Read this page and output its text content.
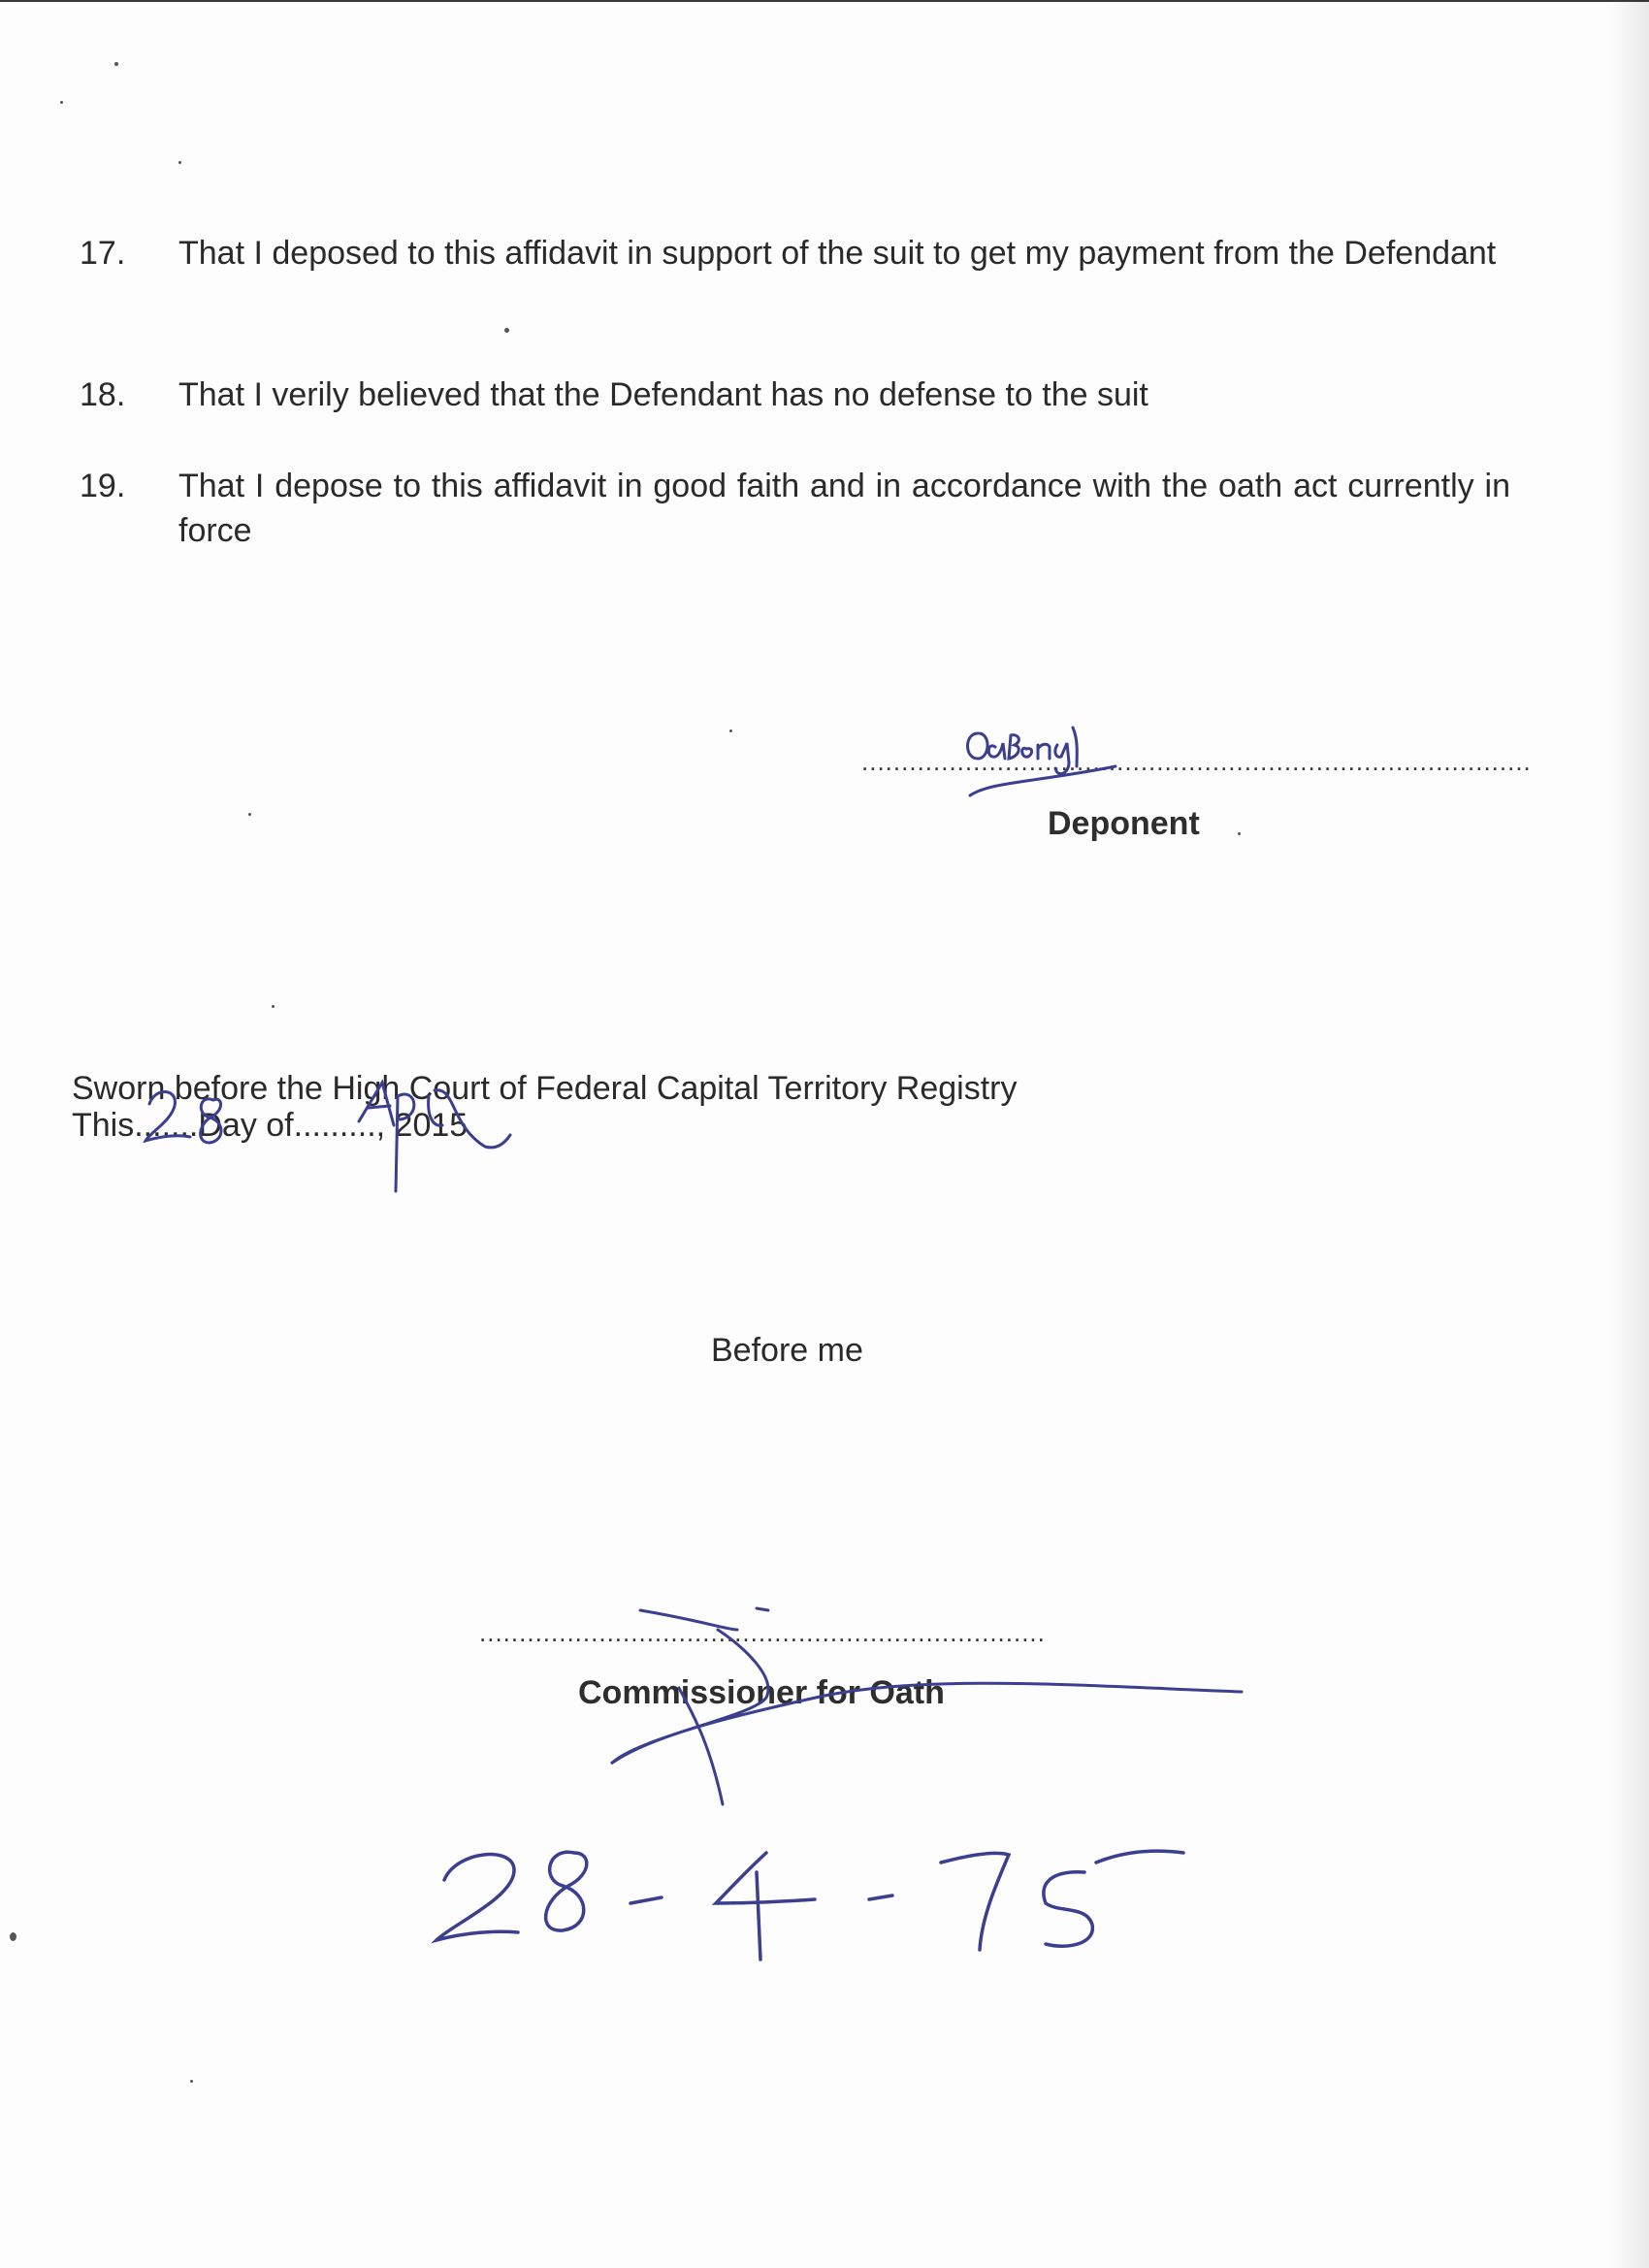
17.	That I deposed to this affidavit in support of the suit to get my payment from the Defendant
18.	That I verily believed that the Defendant has no defense to the suit
19.	That I depose to this affidavit in good faith and in accordance with the oath act currently in force
....................................................................................
Deponent
Sworn before the High Court of Federal Capital Territory Registry
This.......Day of........., 2015
Before me
.......................................................................
Commissioner for Oath
